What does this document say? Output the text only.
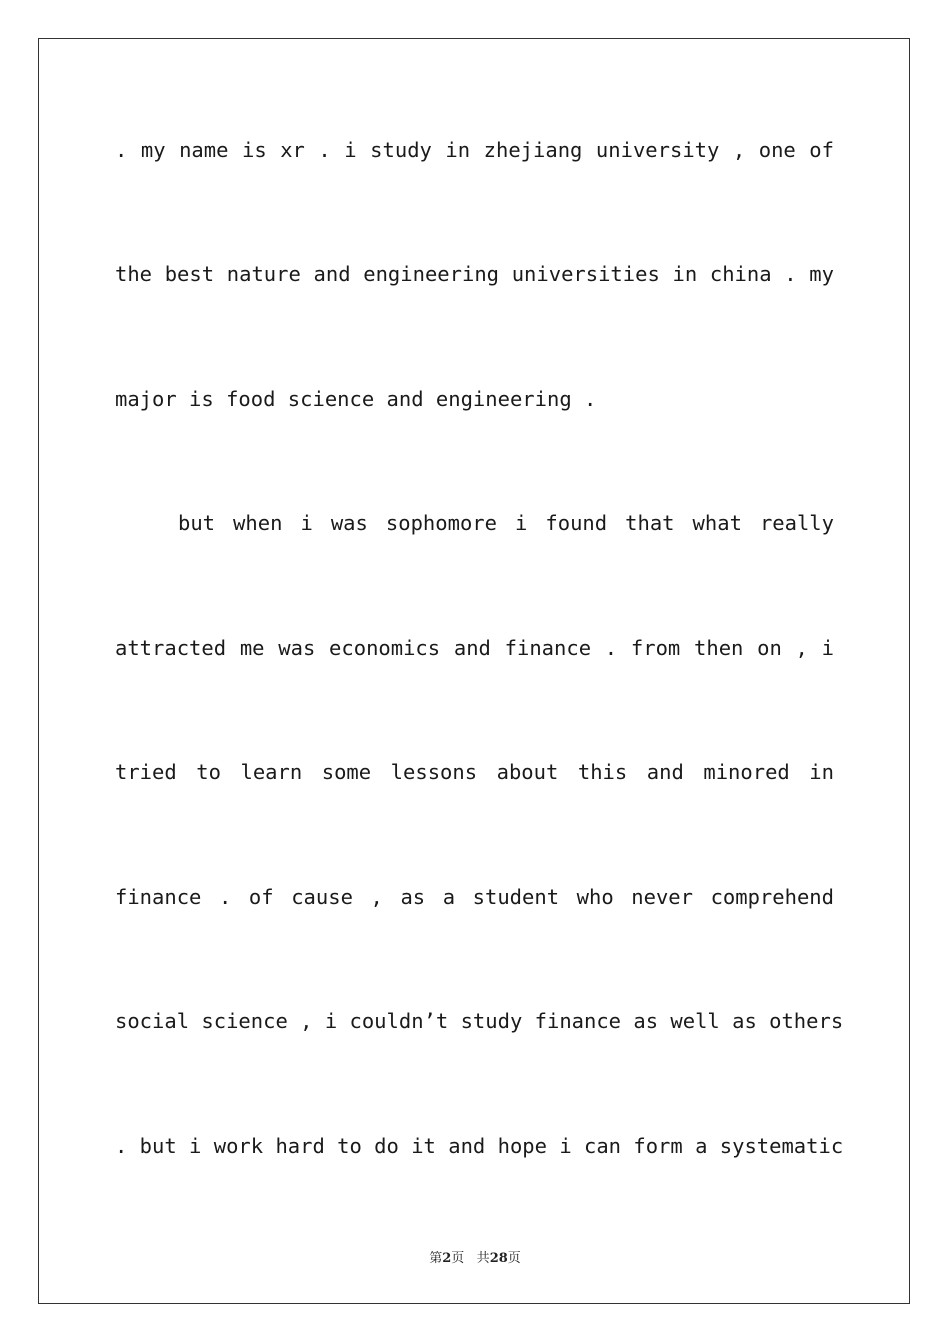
. my name is xr . i study in zhejiang university , one of
the best nature and engineering universities in china . my
major is food science and engineering .
but when i was sophomore i found that what really
attracted me was economics and finance . from then on , i
tried to learn some lessons about this and minored in
finance . of cause , as a student who never comprehend
social science , i couldn’t study finance as well as others
. but i work hard to do it and hope i can form a systematic
第2页 共28页
